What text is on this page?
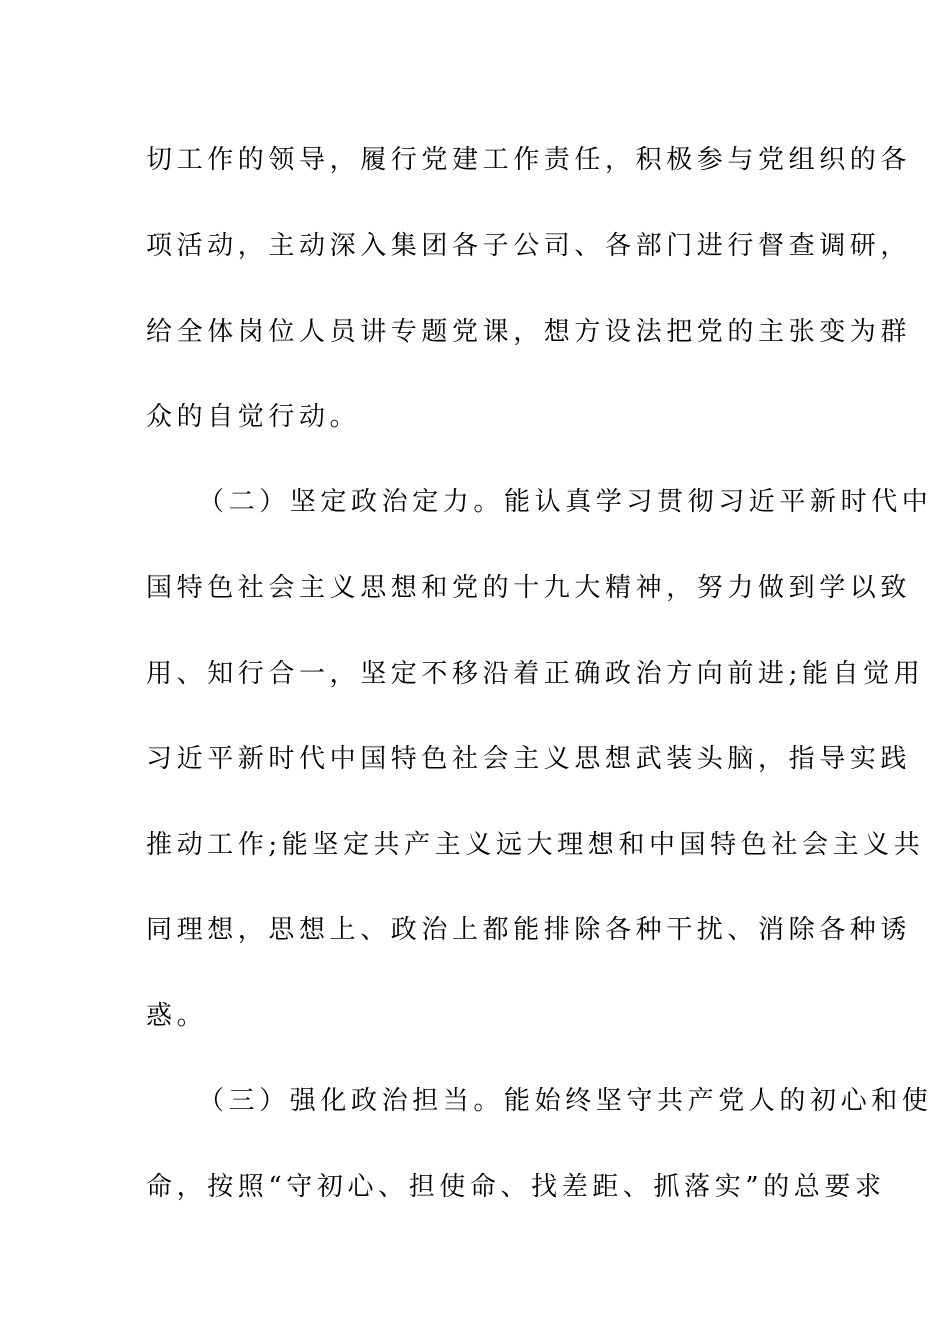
切工作的领导，履行党建工作责任，积极参与党组织的各
项活动，主动深入集团各子公司、各部门进行督查调研，
给全体岗位人员讲专题党课，想方设法把党的主张变为群
众的自觉行动。
（二）坚定政治定力。能认真学习贯彻习近平新时代中
国特色社会主义思想和党的十九大精神，努力做到学以致
用、知行合一，坚定不移沿着正确政治方向前进;能自觉用
习近平新时代中国特色社会主义思想武装头脑，指导实践
推动工作;能坚定共产主义远大理想和中国特色社会主义共
同理想，思想上、政治上都能排除各种干扰、消除各种诱
惑。
（三）强化政治担当。能始终坚守共产党人的初心和使
命，按照“守初心、担使命、找差距、抓落实”的总要求
